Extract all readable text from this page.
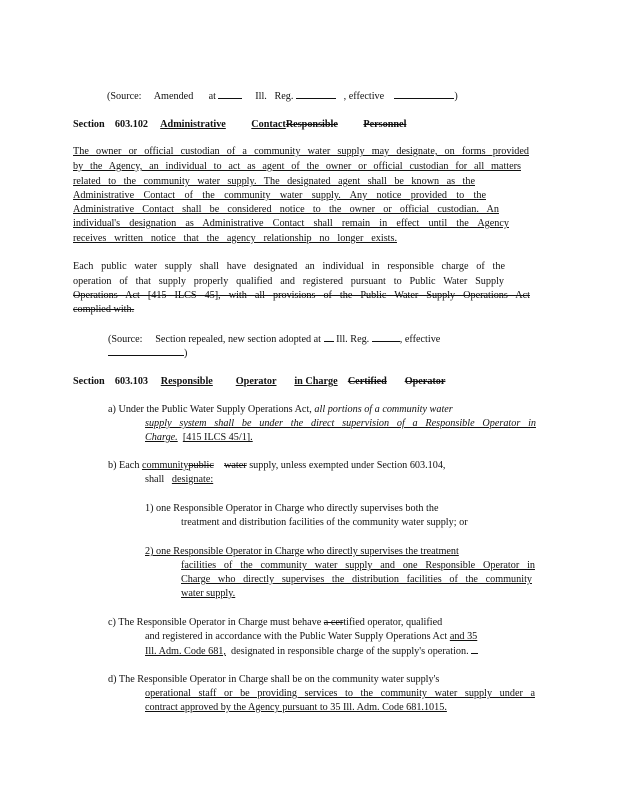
(Source: Amended at	Ill. Reg.	, effective	)
Section 603.102 Administrative ContactResponsible Personnel
The owner or official custodian of a community water supply may designate, on forms provided
by the Agency, an individual to act as agent of the owner or official custodian for all matters
related to the community water supply. The designated agent shall be known as the
Administrative Contact of the community water supply. Any notice provided to the
Administrative Contact shall be considered notice to the owner or official custodian. An
individual's designation as Administrative Contact shall remain in effect until the Agency
receives written notice that the agency relationship no longer exists.
Each public water supply shall have designated an individual in responsible charge of the
operation of that supply properly qualified and registered pursuant to Public Water Supply
Operations Act [415 ILCS 45], with all provisions of the Public Water Supply Operations Act
complied with.
(Source: Section repealed, new section adopted at Ill. Reg.	, effective
)
Section 603.103 Responsible Operator in Charge Certified Operator
a) Under the Public Water Supply Operations Act, all portions of a community water
supply system shall be under the direct supervision of a Responsible Operator in
Charge. [415 ILCS 45/1].
b) Each communitypublic water supply, unless exempted under Section 603.104,
shall designate:
1) one Responsible Operator in Charge who directly supervises both the
treatment and distribution facilities of the community water supply; or
2) one Responsible Operator in Charge who directly supervises the treatment
facilities of the community water supply and one Responsible Operator in
Charge who directly supervises the distribution facilities of the community
water supply.
c) The Responsible Operator in Charge must behave a certified operator, qualified
and registered in accordance with the Public Water Supply Operations Act and 35
Ill. Adm. Code 681, designated in responsible charge of the supply's operation.
d) The Responsible Operator in Charge shall be on the community water supply's
operational staff or be providing services to the community water supply under a
contract approved by the Agency pursuant to 35 Ill. Adm. Code 681.1015.
